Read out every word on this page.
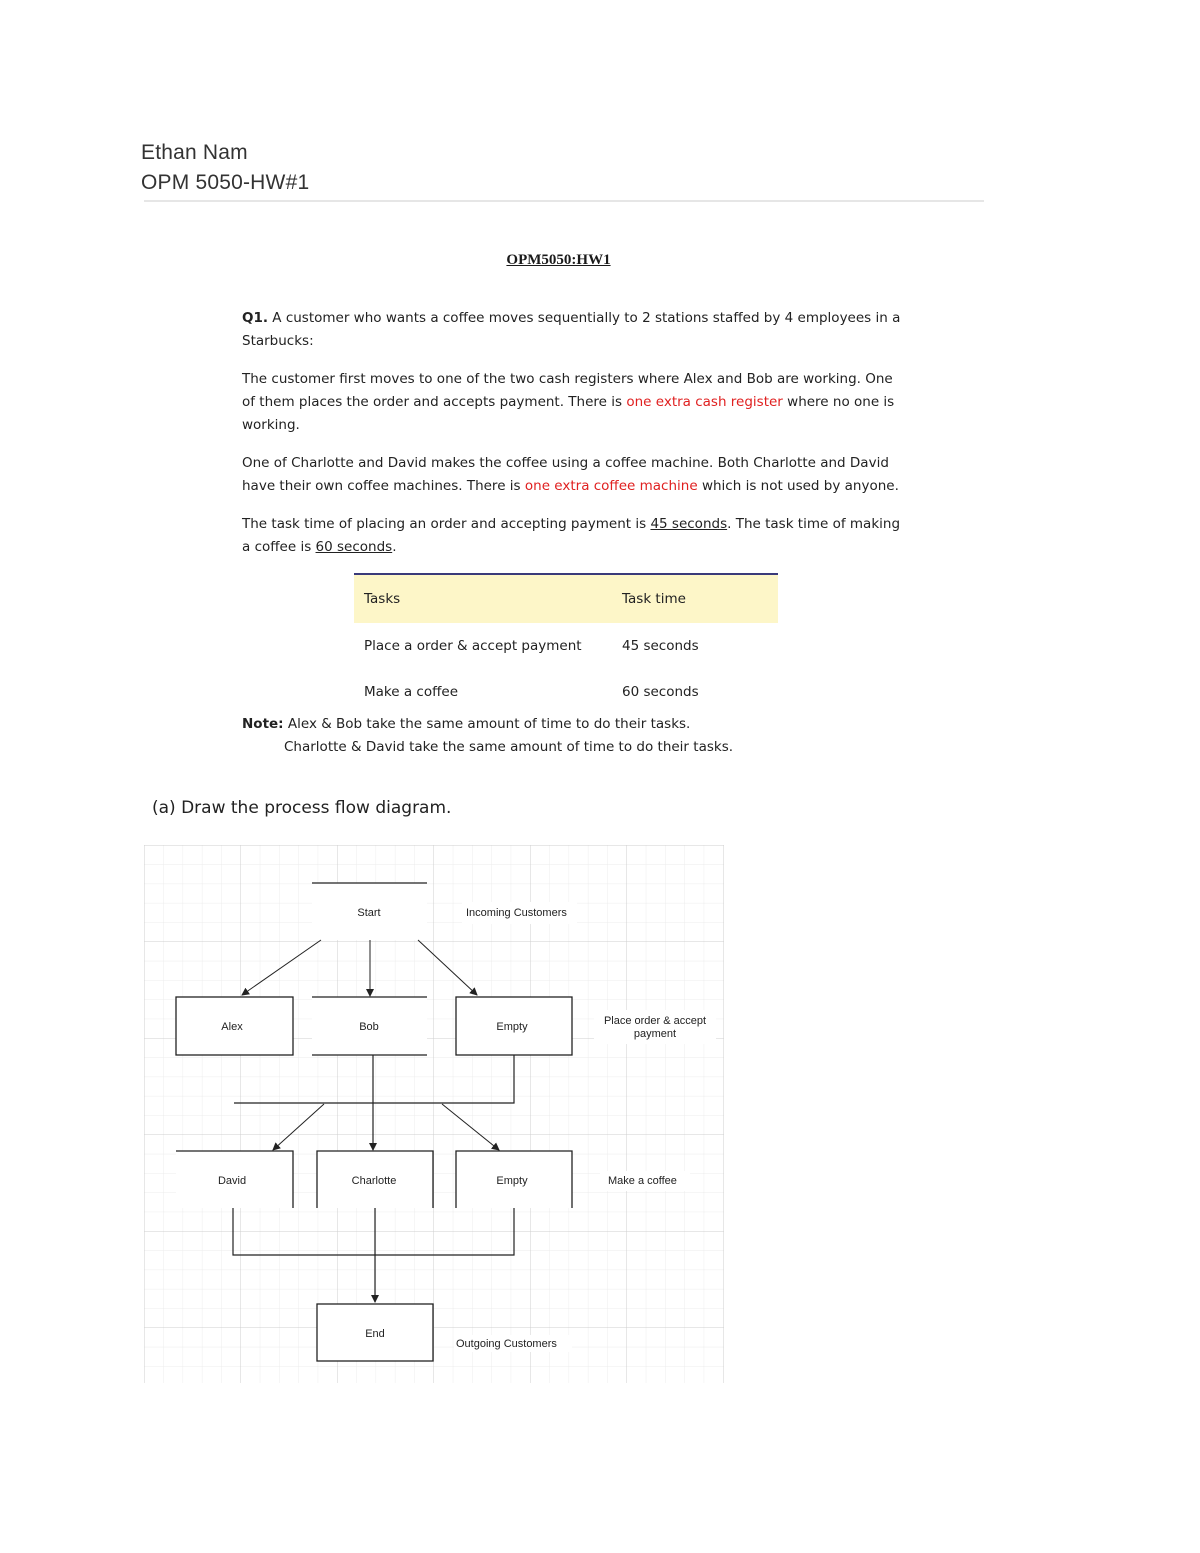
Ethan Nam
OPM 5050-HW#1
OPM5050:HW1
Q1. A customer who wants a coffee moves sequentially to 2 stations staffed by 4 employees in a
Starbucks:
The customer first moves to one of the two cash registers where Alex and Bob are working. One
of them places the order and accepts payment. There is one extra cash register where no one is
working.
One of Charlotte and David makes the coffee using a coffee machine. Both Charlotte and David
have their own coffee machines. There is one extra coffee machine which is not used by anyone.
The task time of placing an order and accepting payment is 45 seconds. The task time of making
a coffee is 60 seconds.
Tasks	Task time
Place a order & accept payment	45 seconds
Make a coffee	60 seconds
Note: Alex & Bob take the same amount of time to do their tasks.
Charlotte & David take the same amount of time to do their tasks.
(a) Draw the process flow diagram.
Start	Incoming Customers
Alex	Bob	Empty	Place order & accept
payment
David	Charlotte	Empty	Make a coffee
End
Outgoing Customers
